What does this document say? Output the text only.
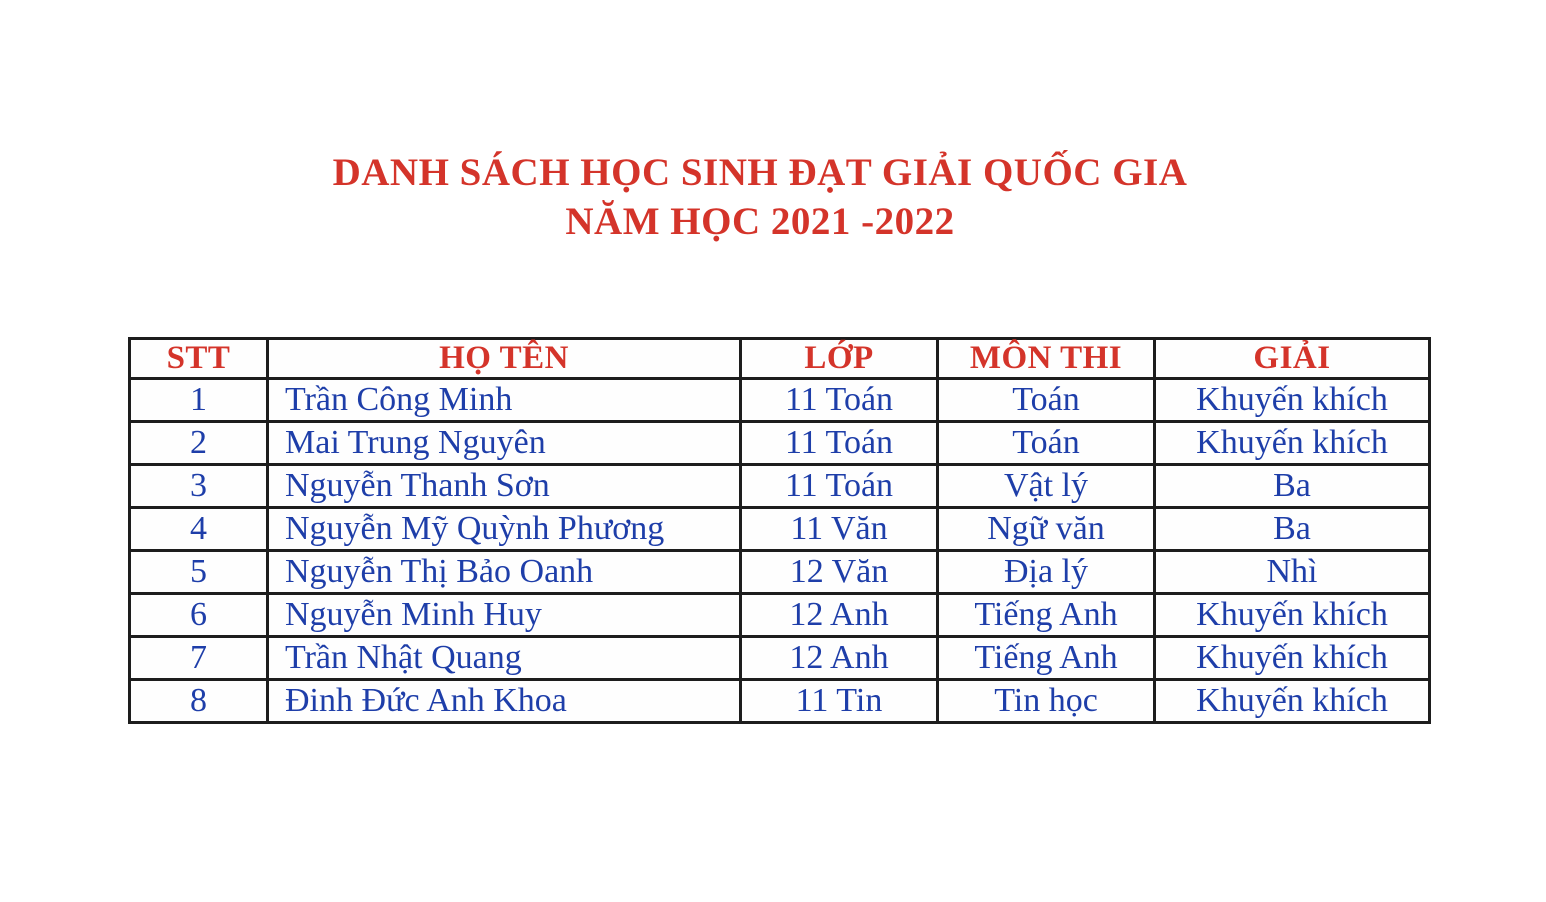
DANH SÁCH HỌC SINH ĐẠT GIẢI QUỐC GIA
NĂM HỌC 2021 -2022
STT	HỌ TÊN	LỚP	MÔN THI	GIẢI
1	Trần Công Minh	11 Toán	Toán	Khuyến khích
2	Mai Trung Nguyên	11 Toán	Toán	Khuyến khích
3	Nguyễn Thanh Sơn	11 Toán	Vật lý	Ba
4	Nguyễn Mỹ Quỳnh Phương	11 Văn	Ngữ văn	Ba
5	Nguyễn Thị Bảo Oanh	12 Văn	Địa lý	Nhì
6	Nguyễn Minh Huy	12 Anh	Tiếng Anh	Khuyến khích
7	Trần Nhật Quang	12 Anh	Tiếng Anh	Khuyến khích
8	Đinh Đức Anh Khoa	11 Tin	Tin học	Khuyến khích
